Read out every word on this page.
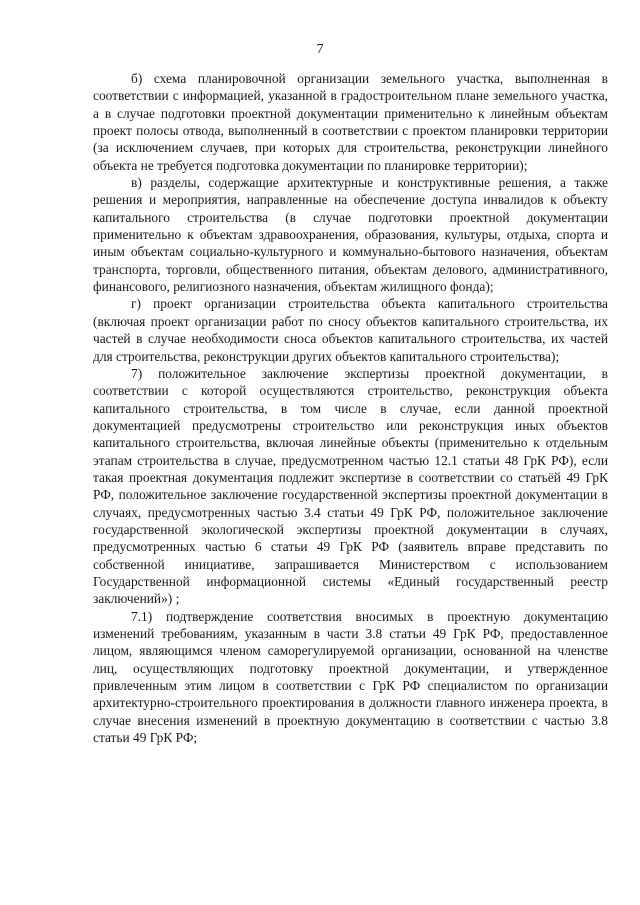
7

б) схема планировочной организации земельного участка, выполненная в соответствии с информацией, указанной в градостроительном плане земельного участка, а в случае подготовки проектной документации применительно к линейным объектам проект полосы отвода, выполненный в соответствии с проектом планировки территории (за исключением случаев, при которых для строительства, реконструкции линейного объекта не требуется подготовка документации по планировке территории);

в) разделы, содержащие архитектурные и конструктивные решения, а также решения и мероприятия, направленные на обеспечение доступа инвалидов к объекту капитального строительства (в случае подготовки проектной документации применительно к объектам здравоохранения, образования, культуры, отдыха, спорта и иным объектам социально-культурного и коммунально-бытового назначения, объектам транспорта, торговли, общественного питания, объектам делового, административного, финансового, религиозного назначения, объектам жилищного фонда);

г) проект организации строительства объекта капитального строительства (включая проект организации работ по сносу объектов капитального строительства, их частей в случае необходимости сноса объектов капитального строительства, их частей для строительства, реконструкции других объектов капитального строительства);

7) положительное заключение экспертизы проектной документации, в соответствии с которой осуществляются строительство, реконструкция объекта капитального строительства, в том числе в случае, если данной проектной документацией предусмотрены строительство или реконструкция иных объектов капитального строительства, включая линейные объекты (применительно к отдельным этапам строительства в случае, предусмотренном частью 12.1 статьи 48 ГрК РФ), если такая проектная документация подлежит экспертизе в соответствии со статьёй 49 ГрК РФ, положительное заключение государственной экспертизы проектной документации в случаях, предусмотренных частью 3.4 статьи 49 ГрК РФ, положительное заключение государственной экологической экспертизы проектной документации в случаях, предусмотренных частью 6 статьи 49 ГрК РФ (заявитель вправе представить по собственной инициативе, запрашивается Министерством с использованием Государственной информационной системы «Единый государственный реестр заключений») ;

7.1) подтверждение соответствия вносимых в проектную документацию изменений требованиям, указанным в части 3.8 статьи 49 ГрК РФ, предоставленное лицом, являющимся членом саморегулируемой организации, основанной на членстве лиц, осуществляющих подготовку проектной документации, и утвержденное привлеченным этим лицом в соответствии с ГрК РФ специалистом по организации архитектурно-строительного проектирования в должности главного инженера проекта, в случае внесения изменений в проектную документацию в соответствии с частью 3.8 статьи 49 ГрК РФ;
